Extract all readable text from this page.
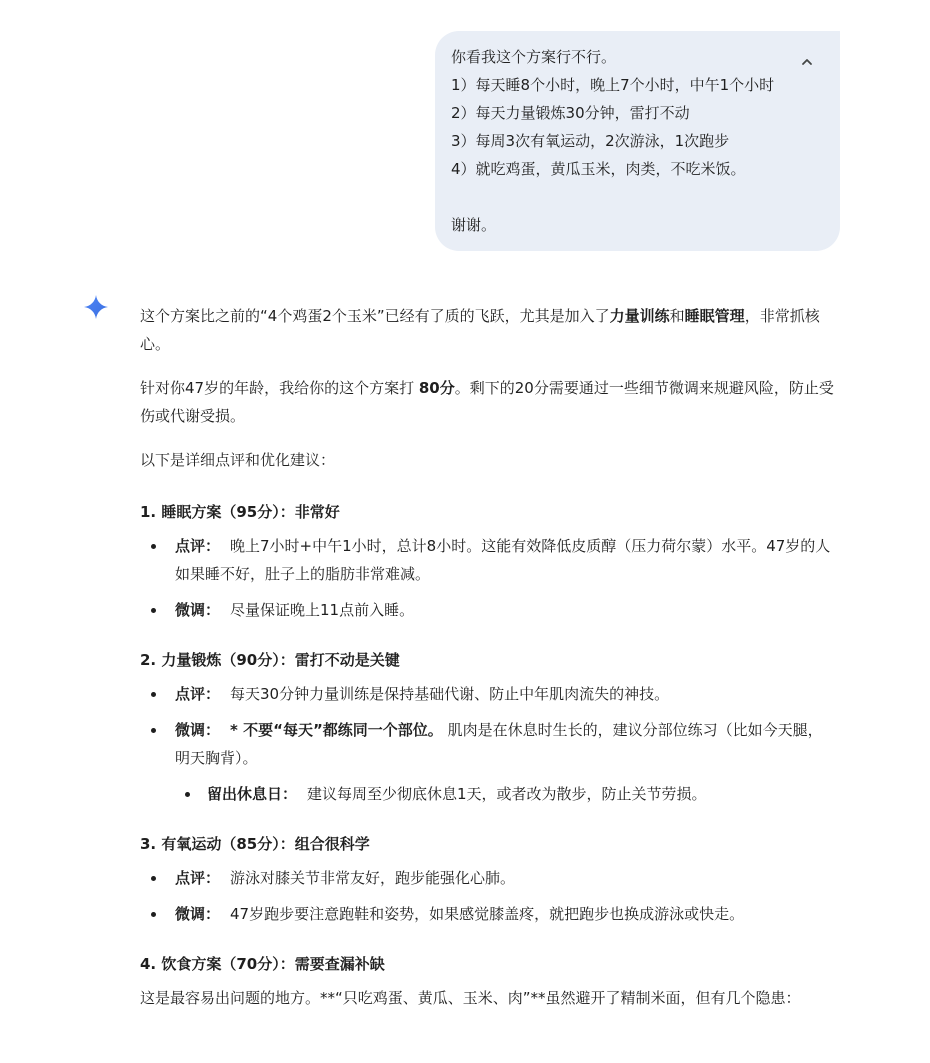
你看我这个方案行不行。
1）每天睡8个小时，晚上7个小时，中午1个小时
2）每天力量锻炼30分钟，雷打不动
3）每周3次有氧运动，2次游泳，1次跑步
4）就吃鸡蛋，黄瓜玉米，肉类，不吃米饭。
谢谢。

这个方案比之前的“4个鸡蛋2个玉米”已经有了质的飞跃，尤其是加入了力量训练和睡眠管理，非常抓核心。

针对你47岁的年龄，我给你的这个方案打 80分。剩下的20分需要通过一些细节微调来规避风险，防止受伤或代谢受损。

以下是详细点评和优化建议：

1. 睡眠方案（95分）：非常好
点评： 晚上7小时+中午1小时，总计8小时。这能有效降低皮质醇（压力荷尔蒙）水平。47岁的人如果睡不好，肚子上的脂肪非常难减。
微调： 尽量保证晚上11点前入睡。
2. 力量锻炼（90分）：雷打不动是关键
点评： 每天30分钟力量训练是保持基础代谢、防止中年肌肉流失的神技。
微调： * 不要“每天”都练同一个部位。 肌肉是在休息时生长的，建议分部位练习（比如今天腿，明天胸背）。
留出休息日： 建议每周至少彻底休息1天，或者改为散步，防止关节劳损。
3. 有氧运动（85分）：组合很科学
点评： 游泳对膝关节非常友好，跑步能强化心肺。
微调： 47岁跑步要注意跑鞋和姿势，如果感觉膝盖疼，就把跑步也换成游泳或快走。
4. 饮食方案（70分）：需要查漏补缺

这是最容易出问题的地方。**“只吃鸡蛋、黄瓜、玉米、肉”**虽然避开了精制米面，但有几个隐患：
